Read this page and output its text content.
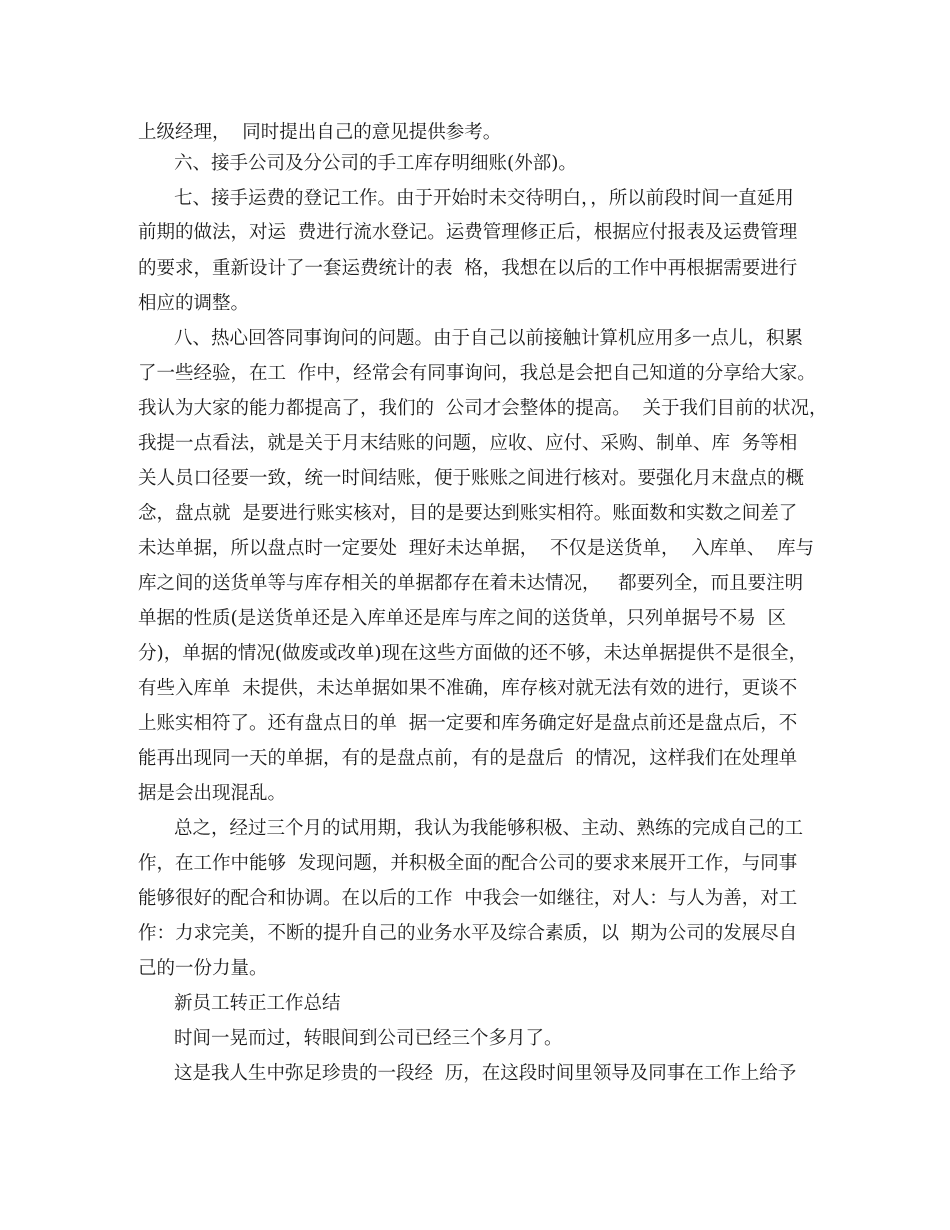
上级经理，  同时提出自己的意见提供参考。

六、接手公司及分公司的手工库存明细账(外部)。

七、接手运费的登记工作。由于开始时未交待明白，，所以前段时间一直延用

前期的做法，对运  费进行流水登记。运费管理修正后，根据应付报表及运费管理

的要求，重新设计了一套运费统计的表  格，我想在以后的工作中再根据需要进行

相应的调整。

八、热心回答同事询问的问题。由于自己以前接触计算机应用多一点儿，积累

了一些经验，在工  作中，经常会有同事询问，我总是会把自己知道的分享给大家。

我认为大家的能力都提高了，我们的  公司才会整体的提高。  关于我们目前的状况，

我提一点看法，就是关于月末结账的问题，应收、应付、采购、制单、库  务等相

关人员口径要一致，统一时间结账，便于账账之间进行核对。要强化月末盘点的概

念，盘点就  是要进行账实核对，目的是要达到账实相符。账面数和实数之间差了

未达单据，所以盘点时一定要处  理好未达单据，  不仅是送货单，  入库单、  库与

库之间的送货单等与库存相关的单据都存在着未达情况，   都要列全，而且要注明

单据的性质(是送货单还是入库单还是库与库之间的送货单，只列单据号不易  区

分)，单据的情况(做废或改单)现在这些方面做的还不够，未达单据提供不是很全，

有些入库单  未提供，未达单据如果不准确，库存核对就无法有效的进行，更谈不

上账实相符了。还有盘点日的单  据一定要和库务确定好是盘点前还是盘点后，不

能再出现同一天的单据，有的是盘点前，有的是盘后  的情况，这样我们在处理单

据是会出现混乱。

总之，经过三个月的试用期，我认为我能够积极、主动、熟练的完成自己的工

作，在工作中能够  发现问题，并积极全面的配合公司的要求来展开工作，与同事

能够很好的配合和协调。在以后的工作  中我会一如继往，对人：与人为善，对工

作：力求完美，不断的提升自己的业务水平及综合素质，以  期为公司的发展尽自

己的一份力量。

新员工转正工作总结

时间一晃而过，转眼间到公司已经三个多月了。

这是我人生中弥足珍贵的一段经  历，在这段时间里领导及同事在工作上给予
